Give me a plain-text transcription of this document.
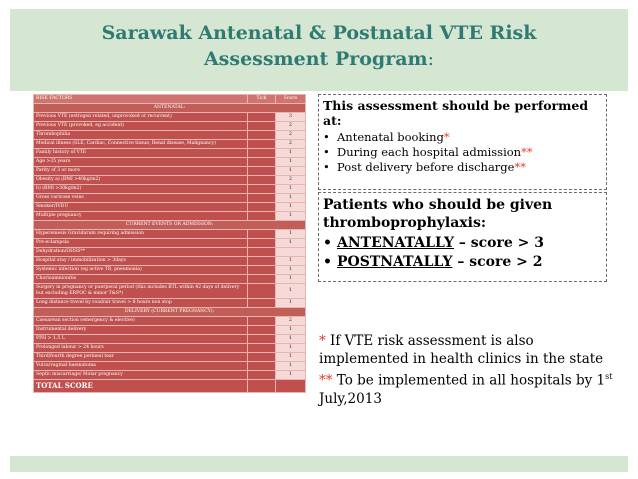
Sarawak Antenatal & Postnatal VTE Risk
Assessment Program:
RISK FACTORS	Tick	Score
ANTENATAL:		
Previous VTE (estrogen related, unprovoked or recurrent)		3
Previous VTE (provoked, eg accident)		2
Thrombophilia		2
Medical illness (SLE, Cardiac, Connective tissue, Renal disease, Malignancy)		2
Family history of VTE		1
Age >35 years		1
Parity of 3 or more		1
Obesity a) (BMI >40kg/m2)		2
b) (BMI >30kg/m2)		1
Gross varicose veins		1
Smoker/IVDU		1
Multiple pregnancy		1
CURRENT EVENTS OR ADMISSION:		
Hyperemesis Gravidarum requiring admission		1
Pre-eclampsia		1
Dehydration/OHSS**		
Hospital stay / immobilization > 3days		1
Systemic infection (eg active TB, pneumonia)		1
Chorioamnionitis		1
Surgery in pregnancy or puerperal period (this includes BTL within 42 days of delivery but excluding ERPOC & minor T&S*)		1
Long distance travel by road/air travel > 8 hours non stop		1
DELIVERY (CURRENT PREGNANCY):		
Caesarean section (emergency & elective)		2
Instrumental delivery		1
PPH > 1.5 L		1
Prolonged labour > 24 hours		1
Third/fourth degree perineal tear		1
Vulva/vaginal haematoma		1
Septic miscarriage/ Molar pregnancy		1
TOTAL SCORE		
This assessment should be performed at:
• Antenatal booking*
• During each hospital admission**
• Post delivery before discharge**
Patients who should be given thromboprophylaxis:
• ANTENATALLY – score > 3
• POSTNATALLY – score > 2
* If VTE risk assessment is also implemented in health clinics in the state
** To be implemented in all hospitals by 1st July,2013
